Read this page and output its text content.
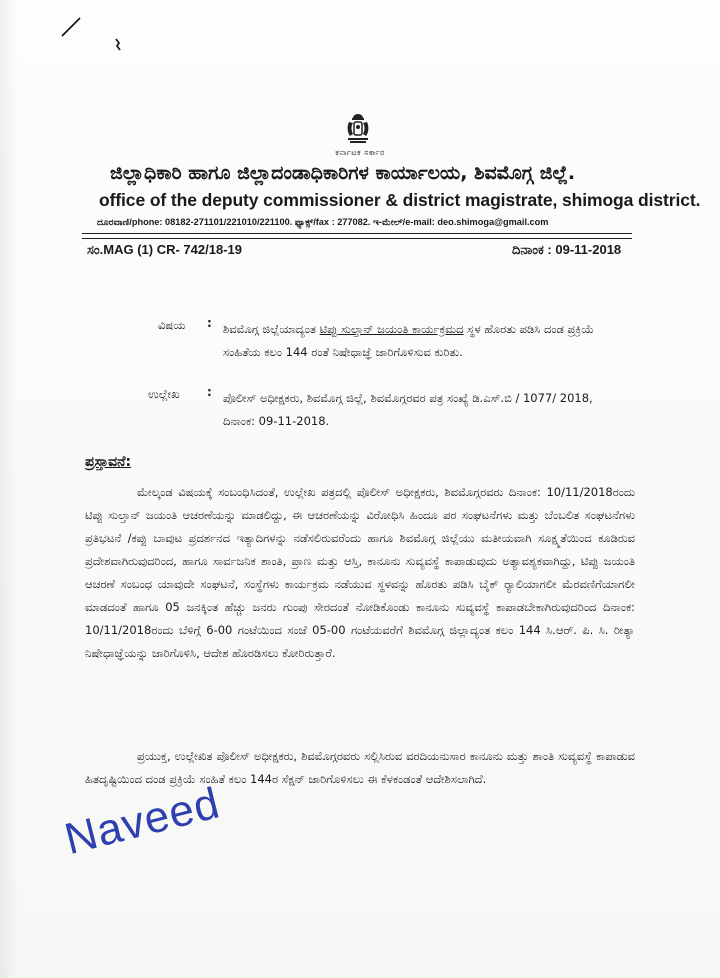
ಕರ್ನಾಟಕ ಸರ್ಕಾರ
ಜಿಲ್ಲಾಧಿಕಾರಿ ಹಾಗೂ ಜಿಲ್ಲಾದಂಡಾಧಿಕಾರಿಗಳ ಕಾರ್ಯಾಲಯ, ಶಿವಮೊಗ್ಗ ಜಿಲ್ಲೆ.
office of the deputy commissioner & district magistrate, shimoga district.
ದೂರವಾಣಿ/phone: 08182-271101/221010/221100. ಫ್ಯಾಕ್ಸ್/fax : 277082. ಇ-ಮೇಲ್/e-mail: deo.shimoga@gmail.com
ಸಂ.MAG (1) CR- 742/18-19	ದಿನಾಂಕ : 09-11-2018
ವಿಷಯ : ಶಿವಮೊಗ್ಗ ಜಿಲ್ಲೆಯಾದ್ಯಂತ ಟಿಪ್ಪು ಸುಲ್ತಾನ್ ಜಯಂತಿ ಕಾರ್ಯಕ್ರಮದ ಸ್ಥಳ ಹೊರತು ಪಡಿಸಿ ದಂಡ ಪ್ರಕ್ರಿಯೆ ಸಂಹಿತೆಯ ಕಲಂ 144 ರಂತೆ ನಿಷೇಧಾಜ್ಞೆ ಜಾರಿಗೊಳಿಸುವ ಕುರಿತು.
ಉಲ್ಲೇಖ : ಪೊಲೀಸ್ ಅಧೀಕ್ಷಕರು, ಶಿವಮೊಗ್ಗ ಜಿಲ್ಲೆ, ಶಿವಮೊಗ್ಗರವರ ಪತ್ರ ಸಂಖ್ಯೆ ಡಿ.ಎಸ್.ಬಿ / 1077/ 2018, ದಿನಾಂಕ: 09-11-2018.
ಪ್ರಸ್ತಾವನೆ:
ಮೇಲ್ಕಂಡ ವಿಷಯಕ್ಕೆ ಸಂಬಂಧಿಸಿದಂತೆ, ಉಲ್ಲೇಖ ಪತ್ರದಲ್ಲಿ ಪೊಲೀಸ್ ಅಧೀಕ್ಷಕರು, ಶಿವಮೊಗ್ಗರವರು ದಿನಾಂಕ: 10/11/2018ರಂದು ಟಿಪ್ಪು ಸುಲ್ತಾನ್ ಜಯಂತಿ ಆಚರಣೆಯನ್ನು ಮಾಡಲಿದ್ದು, ಈ ಆಚರಣೆಯನ್ನು ವಿರೋಧಿಸಿ ಹಿಂದೂ ಪರ ಸಂಘಟನೆಗಳು ಮತ್ತು ಬೆಂಬಲಿತ ಸಂಘಟನೆಗಳು ಪ್ರತಿಭಟನೆ /ಕಪ್ಪು ಬಾವುಟ ಪ್ರದರ್ಶನದ ಇತ್ಯಾದಿಗಳನ್ನು ನಡೆಸಲಿರುವರೆಂದು ಹಾಗೂ ಶಿವಮೊಗ್ಗ ಜಿಲ್ಲೆಯು ಮತೀಯವಾಗಿ ಸೂಕ್ಷ್ಮತೆಯಿಂದ ಕೂಡಿರುವ ಪ್ರದೇಶವಾಗಿರುವುದರಿಂದ, ಹಾಗೂ ಸಾರ್ವಜನಿಕ ಶಾಂತಿ, ಪ್ರಾಣ ಮತ್ತು ಆಸ್ತಿ, ಕಾನೂನು ಸುವ್ಯವಸ್ಥೆ ಕಾಪಾಡುವುದು ಅತ್ಯಾವಶ್ಯಕವಾಗಿದ್ದು, ಟಿಪ್ಪು ಜಯಂತಿ ಆಚರಣೆ ಸಂಬಂಧ ಯಾವುದೇ ಸಂಘಟನೆ, ಸಂಸ್ಥೆಗಳು ಕಾರ್ಯಕ್ರಮ ನಡೆಯುವ ಸ್ಥಳವನ್ನು ಹೊರತು ಪಡಿಸಿ ಬೈಕ್ ರ್‍ಯಾಲಿಯಾಗಲೀ ಮೆರವಣಿಗೆಯಾಗಲೀ ಮಾಡದಂತೆ ಹಾಗೂ 05 ಜನಕ್ಕಿಂತ ಹೆಚ್ಚು ಜನರು ಗುಂಪು ಸೇರದಂತೆ ನೋಡಿಕೊಂಡು ಕಾನೂನು ಸುವ್ಯವಸ್ಥೆ ಕಾಪಾಡಬೇಕಾಗಿರುವುದರಿಂದ ದಿನಾಂಕ: 10/11/2018ರಂದು ಬೆಳಿಗ್ಗೆ 6-00 ಗಂಟೆಯಿಂದ ಸಂಜೆ 05-00 ಗಂಟೆಯವರೆಗೆ ಶಿವಮೊಗ್ಗ ಜಿಲ್ಲಾದ್ಯಂತ ಕಲಂ 144 ಸಿ.ಆರ್. ಪಿ. ಸಿ. ರೀತ್ಯಾ ನಿಷೇಧಾಜ್ಞೆಯನ್ನು ಜಾರಿಗೊಳಿಸಿ, ಆದೇಶ ಹೊರಡಿಸಲು ಕೋರಿರುತ್ತಾರೆ.
ಪ್ರಯುಕ್ತ, ಉಲ್ಲೇಖಿತ ಪೊಲೀಸ್ ಅಧೀಕ್ಷಕರು, ಶಿವಮೊಗ್ಗರವರು ಸಲ್ಲಿಸಿರುವ ವರದಿಯನುಸಾರ ಕಾನೂನು ಮತ್ತು ಶಾಂತಿ ಸುವ್ಯವಸ್ಥೆ ಕಾಪಾಡುವ ಹಿತದೃಷ್ಟಿಯಿಂದ ದಂಡ ಪ್ರಕ್ರಿಯೆ ಸಂಹಿತೆ ಕಲಂ 144ರ ಸೆಕ್ಷನ್ ಜಾರಿಗೊಳಿಸಲು ಈ ಕೆಳಕಂಡಂತೆ ಆದೇಶಿಸಲಾಗಿದೆ.
Naveed
